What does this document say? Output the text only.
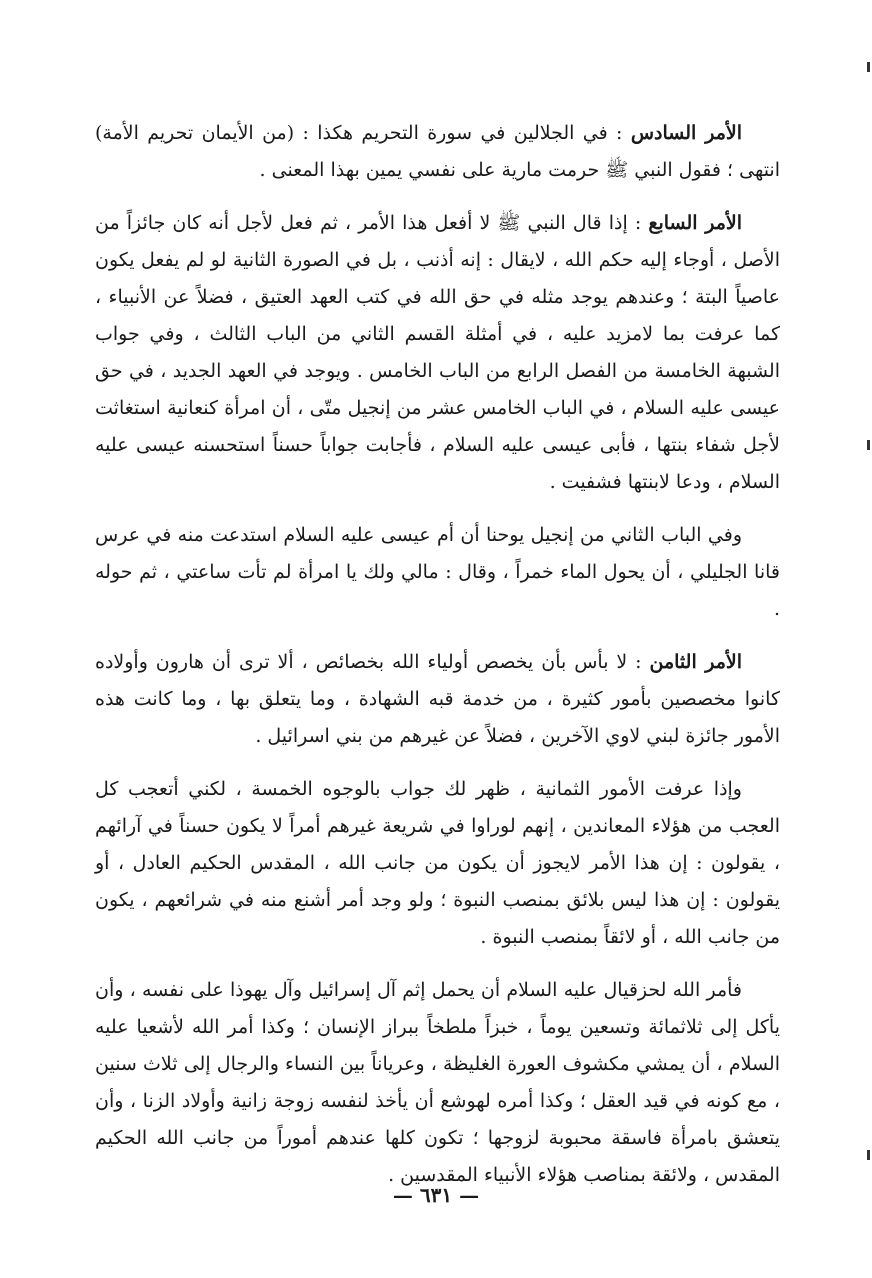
الأمر السادس : في الجلالين في سورة التحريم هكذا : (من الأيمان تحريم الأمة) انتهى ؛ فقول النبي ﷺ حرمت مارية على نفسي يمين بهذا المعنى .

الأمر السابع : إذا قال النبي ﷺ لا أفعل هذا الأمر ، ثم فعل لأجل أنه كان جائزاً من الأصل ، أوجاء إليه حكم الله ، لايقال : إنه أذنب ، بل في الصورة الثانية لو لم يفعل يكون عاصياً البتة ؛ وعندهم يوجد مثله في حق الله في كتب العهد العتيق ، فضلاً عن الأنبياء ، كما عرفت بما لامزيد عليه ، في أمثلة القسم الثاني من الباب الثالث ، وفي جواب الشبهة الخامسة من الفصل الرابع من الباب الخامس . ويوجد في العهد الجديد ، في حق عيسى عليه السلام ، في الباب الخامس عشر من إنجيل متّى ، أن امرأة كنعانية استغاثت لأجل شفاء بنتها ، فأبى عيسى عليه السلام ، فأجابت جواباً حسناً استحسنه عيسى عليه السلام ، ودعا لابنتها فشفيت .

وفي الباب الثاني من إنجيل يوحنا أن أم عيسى عليه السلام استدعت منه في عرس قانا الجليلي ، أن يحول الماء خمراً ، وقال : مالي ولك يا امرأة لم تأت ساعتي ، ثم حوله .

الأمر الثامن : لا بأس بأن يخصص أولياء الله بخصائص ، ألا ترى أن هارون وأولاده كانوا مخصصين بأمور كثيرة ، من خدمة قبه الشهادة ، وما يتعلق بها ، وما كانت هذه الأمور جائزة لبني لاوي الآخرين ، فضلاً عن غيرهم من بني اسرائيل .

وإذا عرفت الأمور الثمانية ، ظهر لك جواب بالوجوه الخمسة ، لكني أتعجب كل العجب من هؤلاء المعاندين ، إنهم لوراوا في شريعة غيرهم أمراً لا يكون حسناً في آرائهم ، يقولون : إن هذا الأمر لايجوز أن يكون من جانب الله ، المقدس الحكيم العادل ، أو يقولون : إن هذا ليس بلائق بمنصب النبوة ؛ ولو وجد أمر أشنع منه في شرائعهم ، يكون من جانب الله ، أو لائقاً بمنصب النبوة .

فأمر الله لحزقيال عليه السلام أن يحمل إثم آل إسرائيل وآل يهوذا على نفسه ، وأن يأكل إلى ثلاثمائة وتسعين يوماً ، خبزاً ملطخاً ببراز الإنسان ؛ وكذا أمر الله لأشعيا عليه السلام ، أن يمشي مكشوف العورة الغليظة ، وعرياناً بين النساء والرجال إلى ثلاث سنين ، مع كونه في قيد العقل ؛ وكذا أمره لهوشع أن يأخذ لنفسه زوجة زانية وأولاد الزنا ، وأن يتعشق بامرأة فاسقة محبوبة لزوجها ؛ تكون كلها عندهم أموراً من جانب الله الحكيم المقدس ، ولائقة بمناصب هؤلاء الأنبياء المقدسين .

— ٦٣١ —
